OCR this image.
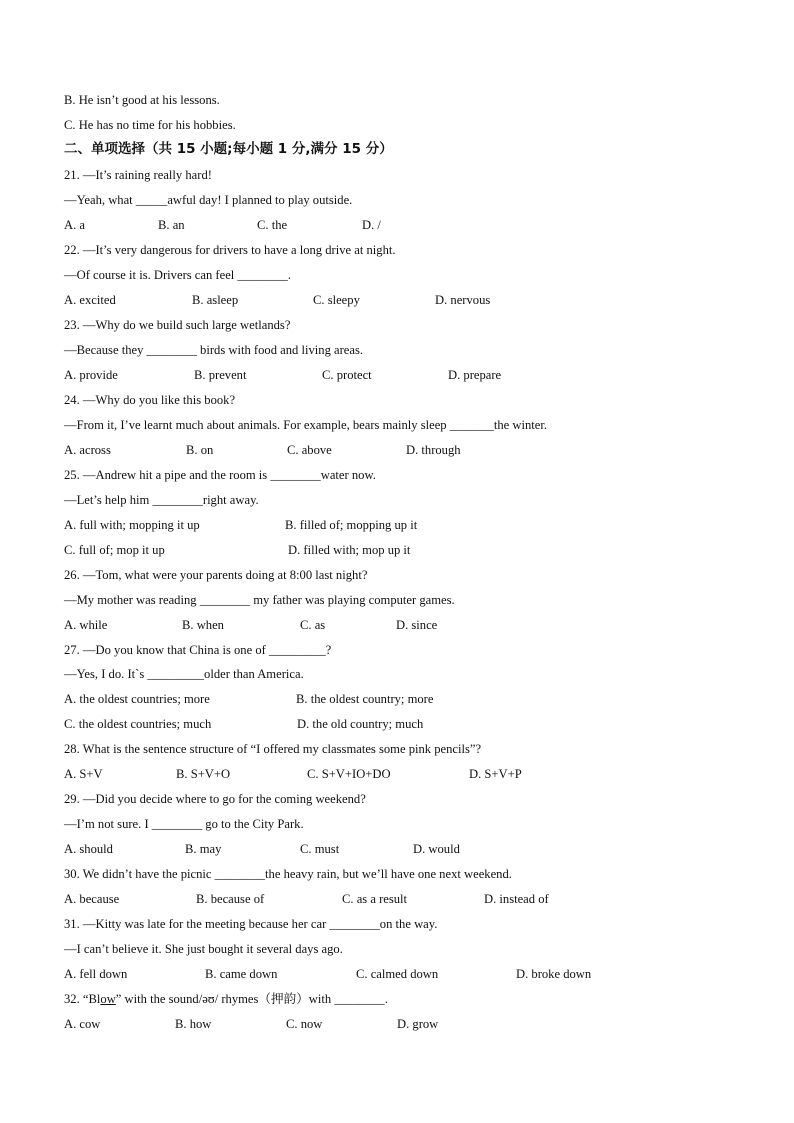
B. He isn’t good at his lessons.
C. He has no time for his hobbies.
二、单项选择（共 15 小题;每小题 1 分,满分 15 分）
21. —It’s raining really hard!
—Yeah, what _____awful day! I planned to play outside.
A. a	B. an	C. the	D. /
22. —It’s very dangerous for drivers to have a long drive at night.
—Of course it is. Drivers can feel ________.
A. excited	B. asleep	C. sleepy	D. nervous
23. —Why do we build such large wetlands?
—Because they ________ birds with food and living areas.
A. provide	B. prevent	C. protect	D. prepare
24. —Why do you like this book?
—From it, I’ve learnt much about animals. For example, bears mainly sleep _______the winter.
A. across	B. on	C. above	D. through
25. —Andrew hit a pipe and the room is ________water now.
—Let’s help him ________right away.
A. full with; mopping it up	B. filled of; mopping up it
C. full of; mop it up	D. filled with; mop up it
26. —Tom, what were your parents doing at 8:00 last night?
—My mother was reading ________ my father was playing computer games.
A. while	B. when	C. as	D. since
27. —Do you know that China is one of _________?
—Yes, I do. It`s _________older than America.
A. the oldest countries; more	B. the oldest country; more
C. the oldest countries; much	D. the old country; much
28. What is the sentence structure of “I offered my classmates some pink pencils”?
A. S+V	B. S+V+O	C. S+V+IO+DO	D. S+V+P
29. —Did you decide where to go for the coming weekend?
—I’m not sure. I ________ go to the City Park.
A. should	B. may	C. must	D. would
30. We didn’t have the picnic ________the heavy rain, but we’ll have one next weekend.
A. because	B. because of	C. as a result	D. instead of
31. —Kitty was late for the meeting because her car ________on the way.
—I can’t believe it. She just bought it several days ago.
A. fell down	B. came down	C. calmed down	D. broke down
32. “Blow” with the sound/əʊ/ rhymes（押韵）with ________.
A. cow	B. how	C. now	D. grow
